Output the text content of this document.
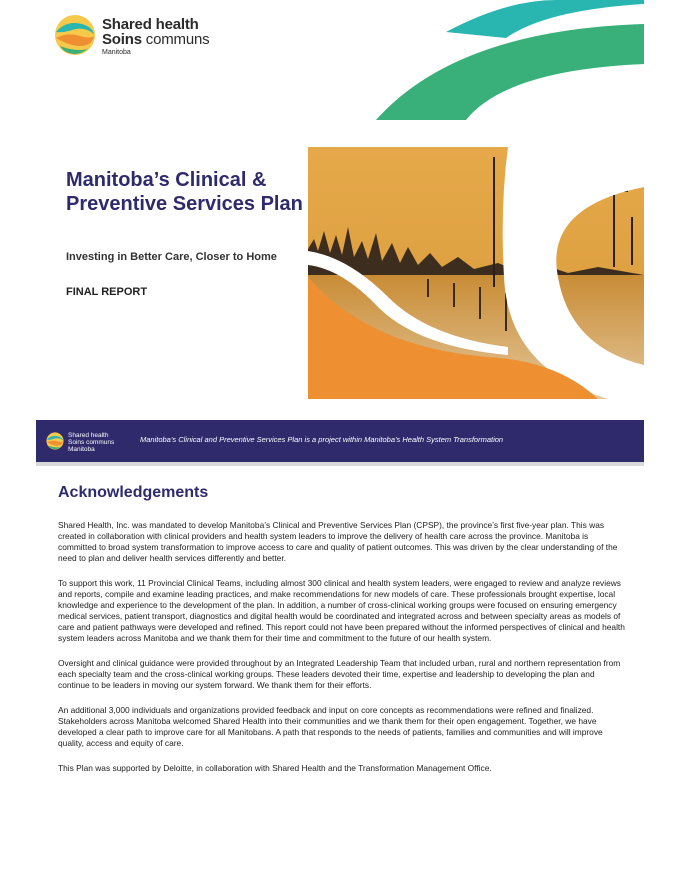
Shared health
Soins communs
Manitoba
Manitoba’s Clinical & Preventive Services Plan
Investing in Better Care, Closer to Home
FINAL REPORT
Shared health
Soins communs
Manitoba
Manitoba’s Clinical and Preventive Services Plan is a project within Manitoba’s Health System Transformation
Acknowledgements

Shared Health, Inc. was mandated to develop Manitoba’s Clinical and Preventive Services Plan (CPSP), the province’s first five-year plan. This was created in collaboration with clinical providers and health system leaders to improve the delivery of health care across the province. Manitoba is committed to broad system transformation to improve access to care and quality of patient outcomes. This was driven by the clear understanding of the need to plan and deliver health services differently and better.

To support this work, 11 Provincial Clinical Teams, including almost 300 clinical and health system leaders, were engaged to review and analyze reviews and reports, compile and examine leading practices, and make recommendations for new models of care. These professionals brought expertise, local knowledge and experience to the development of the plan. In addition, a number of cross-clinical working groups were focused on ensuring emergency medical services, patient transport, diagnostics and digital health would be coordinated and integrated across and between specialty areas as models of care and patient pathways were developed and refined. This report could not have been prepared without the informed perspectives of clinical and health system leaders across Manitoba and we thank them for their time and commitment to the future of our health system.

Oversight and clinical guidance were provided throughout by an Integrated Leadership Team that included urban, rural and northern representation from each specialty team and the cross-clinical working groups. These leaders devoted their time, expertise and leadership to developing the plan and continue to be leaders in moving our system forward. We thank them for their efforts.

An additional 3,000 individuals and organizations provided feedback and input on core concepts as recommendations were refined and finalized. Stakeholders across Manitoba welcomed Shared Health into their communities and we thank them for their open engagement. Together, we have developed a clear path to improve care for all Manitobans. A path that responds to the needs of patients, families and communities and will improve quality, access and equity of care.

This Plan was supported by Deloitte, in collaboration with Shared Health and the Transformation Management Office.
